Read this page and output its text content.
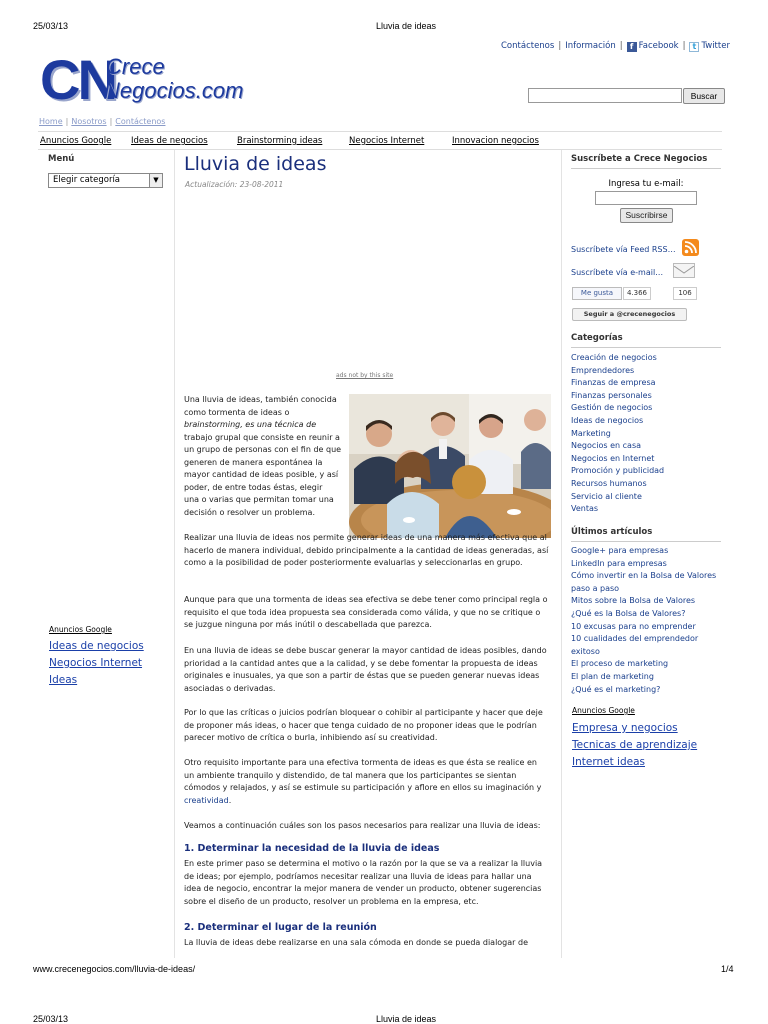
25/03/13	Lluvia de ideas
Contáctenos | Información | f Facebook | t Twitter
CN
Crece
Negocios.com	Buscar
Home | Nosotros | Contáctenos
Anuncios Google Ideas de negocios	Brainstorming ideas	Negocios Internet	Innovacion negocios
Menú
Elegir categoría	▼
Anuncios Google
Ideas de negocios
Negocios Internet
Ideas
Lluvia de ideas
Actualización: 23-08-2011
ads not by this site
Una lluvia de ideas, también conocida
como tormenta de ideas o
brainstorming, es una técnica de
trabajo grupal que consiste en reunir a
un grupo de personas con el fin de que
generen de manera espontánea la
mayor cantidad de ideas posible, y así
poder, de entre todas éstas, elegir
una o varias que permitan tomar una
decisión o resolver un problema.
Realizar una lluvia de ideas nos permite generar ideas de una manera más efectiva que al hacerlo de manera individual, debido principalmente a la cantidad de ideas generadas, así como a la posibilidad de poder posteriormente evaluarlas y seleccionarlas en grupo.
Aunque para que una tormenta de ideas sea efectiva se debe tener como principal regla o requisito el que toda idea propuesta sea considerada como válida, y que no se critique o se juzgue ninguna por más inútil o descabellada que parezca.
En una lluvia de ideas se debe buscar generar la mayor cantidad de ideas posibles, dando prioridad a la cantidad antes que a la calidad, y se debe fomentar la propuesta de ideas originales e inusuales, ya que son a partir de éstas que se pueden generar nuevas ideas asociadas o derivadas.
Por lo que las críticas o juicios podrían bloquear o cohibir al participante y hacer que deje de proponer más ideas, o hacer que tenga cuidado de no proponer ideas que le podrían parecer motivo de crítica o burla, inhibiendo así su creatividad.
Otro requisito importante para una efectiva tormenta de ideas es que ésta se realice en un ambiente tranquilo y distendido, de tal manera que los participantes se sientan cómodos y relajados, y así se estimule su participación y aflore en ellos su imaginación y creatividad.
Veamos a continuación cuáles son los pasos necesarios para realizar una lluvia de ideas:
1. Determinar la necesidad de la lluvia de ideas
En este primer paso se determina el motivo o la razón por la que se va a realizar la lluvia de ideas; por ejemplo, podríamos necesitar realizar una lluvia de ideas para hallar una idea de negocio, encontrar la mejor manera de vender un producto, obtener sugerencias sobre el diseño de un producto, resolver un problema en la empresa, etc.
2. Determinar el lugar de la reunión
La lluvia de ideas debe realizarse en una sala cómoda en donde se pueda dialogar de
Suscríbete a Crece Negocios
Ingresa tu e-mail:
Suscribirse
Suscríbete vía Feed RSS…
Suscríbete vía e-mail…
Me gusta	4.366	106
Seguir a @crecenegocios
Categorías
Creación de negocios
Emprendedores
Finanzas de empresa
Finanzas personales
Gestión de negocios
Ideas de negocios
Marketing
Negocios en casa
Negocios en Internet
Promoción y publicidad
Recursos humanos
Servicio al cliente
Ventas
Últimos artículos
Google+ para empresas
LinkedIn para empresas
Cómo invertir en la Bolsa de Valores
paso a paso
Mitos sobre la Bolsa de Valores
¿Qué es la Bolsa de Valores?
10 excusas para no emprender
10 cualidades del emprendedor
exitoso
El proceso de marketing
El plan de marketing
¿Qué es el marketing?
Anuncios Google
Empresa y negocios
Tecnicas de aprendizaje
Internet ideas
www.crecenegocios.com/lluvia-de-ideas/	1/4
25/03/13	Lluvia de ideas
